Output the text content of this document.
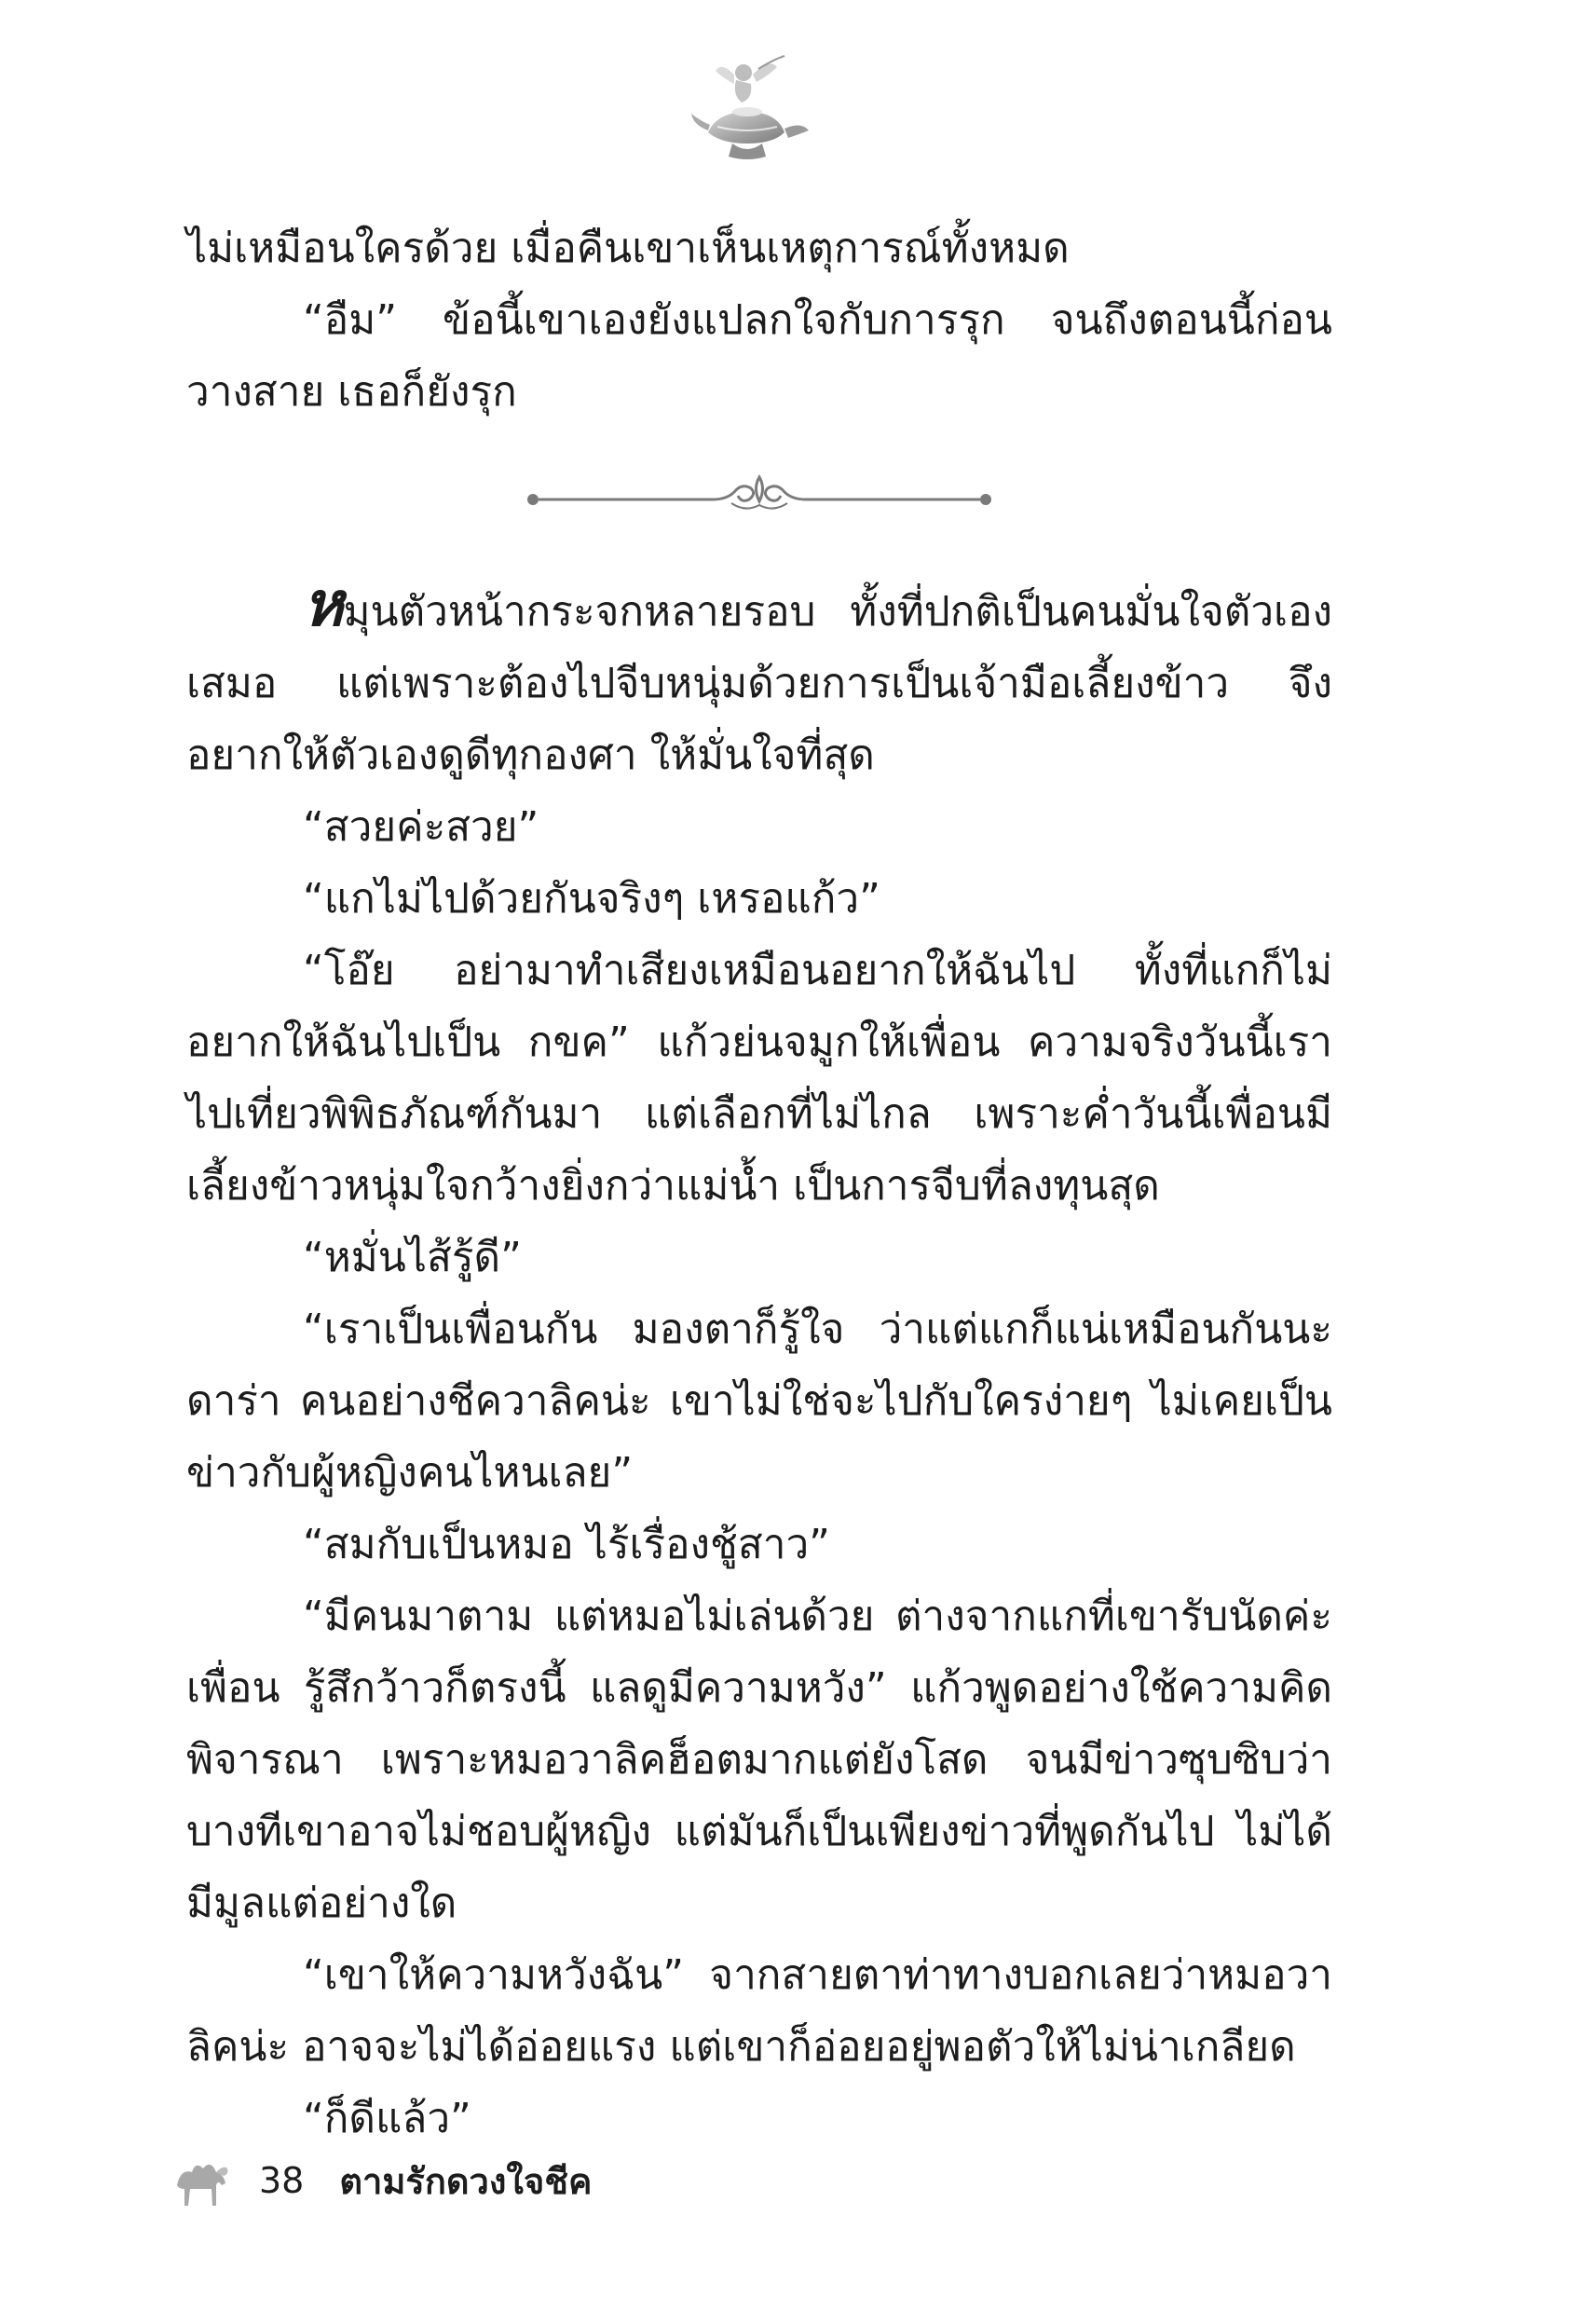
ไม่เหมือนใครด้วย เมื่อคืนเขาเห็นเหตุการณ์ทั้งหมด

“อืม” ข้อนี้เขาเองยังแปลกใจกับการรุก จนถึงตอนนี้ก่อนวางสาย เธอก็ยังรุก

หมุนตัวหน้ากระจกหลายรอบ ทั้งที่ปกติเป็นคนมั่นใจตัวเอง เสมอ แต่เพราะต้องไปจีบหนุ่มด้วยการเป็นเจ้ามือเลี้ยงข้าว จึงอยากให้ตัวเองดูดีทุกองศา ให้มั่นใจที่สุด

“สวยค่ะสวย”

“แกไม่ไปด้วยกันจริงๆ เหรอแก้ว”

“โอ๊ย อย่ามาทำเสียงเหมือนอยากให้ฉันไป ทั้งที่แกก็ไม่อยากให้ฉันไปเป็น กขค” แก้วย่นจมูกให้เพื่อน ความจริงวันนี้เราไปเที่ยวพิพิธภัณฑ์กันมา แต่เลือกที่ไม่ไกล เพราะค่ำวันนี้เพื่อนมีเลี้ยงข้าวหนุ่มใจกว้างยิ่งกว่าแม่น้ำ เป็นการจีบที่ลงทุนสุด

“หมั่นไส้รู้ดี”

“เราเป็นเพื่อนกัน มองตาก็รู้ใจ ว่าแต่แกก็แน่เหมือนกันนะดาร่า คนอย่างชีควาลิคน่ะ เขาไม่ใช่จะไปกับใครง่ายๆ ไม่เคยเป็นข่าวกับผู้หญิงคนไหนเลย”

“สมกับเป็นหมอ ไร้เรื่องชู้สาว”

“มีคนมาตาม แต่หมอไม่เล่นด้วย ต่างจากแกที่เขารับนัดค่ะเพื่อน รู้สึกว้าวก็ตรงนี้ แลดูมีความหวัง” แก้วพูดอย่างใช้ความคิดพิจารณา เพราะหมอวาลิคฮ็อตมากแต่ยังโสด จนมีข่าวซุบซิบว่าบางทีเขาอาจไม่ชอบผู้หญิง แต่มันก็เป็นเพียงข่าวที่พูดกันไป ไม่ได้มีมูลแต่อย่างใด

“เขาให้ความหวังฉัน” จากสายตาท่าทางบอกเลยว่าหมอวาลิคน่ะ อาจจะไม่ได้อ่อยแรง แต่เขาก็อ่อยอยู่พอตัวให้ไม่น่าเกลียด

“ก็ดีแล้ว”

38 ตามรักดวงใจชีค
